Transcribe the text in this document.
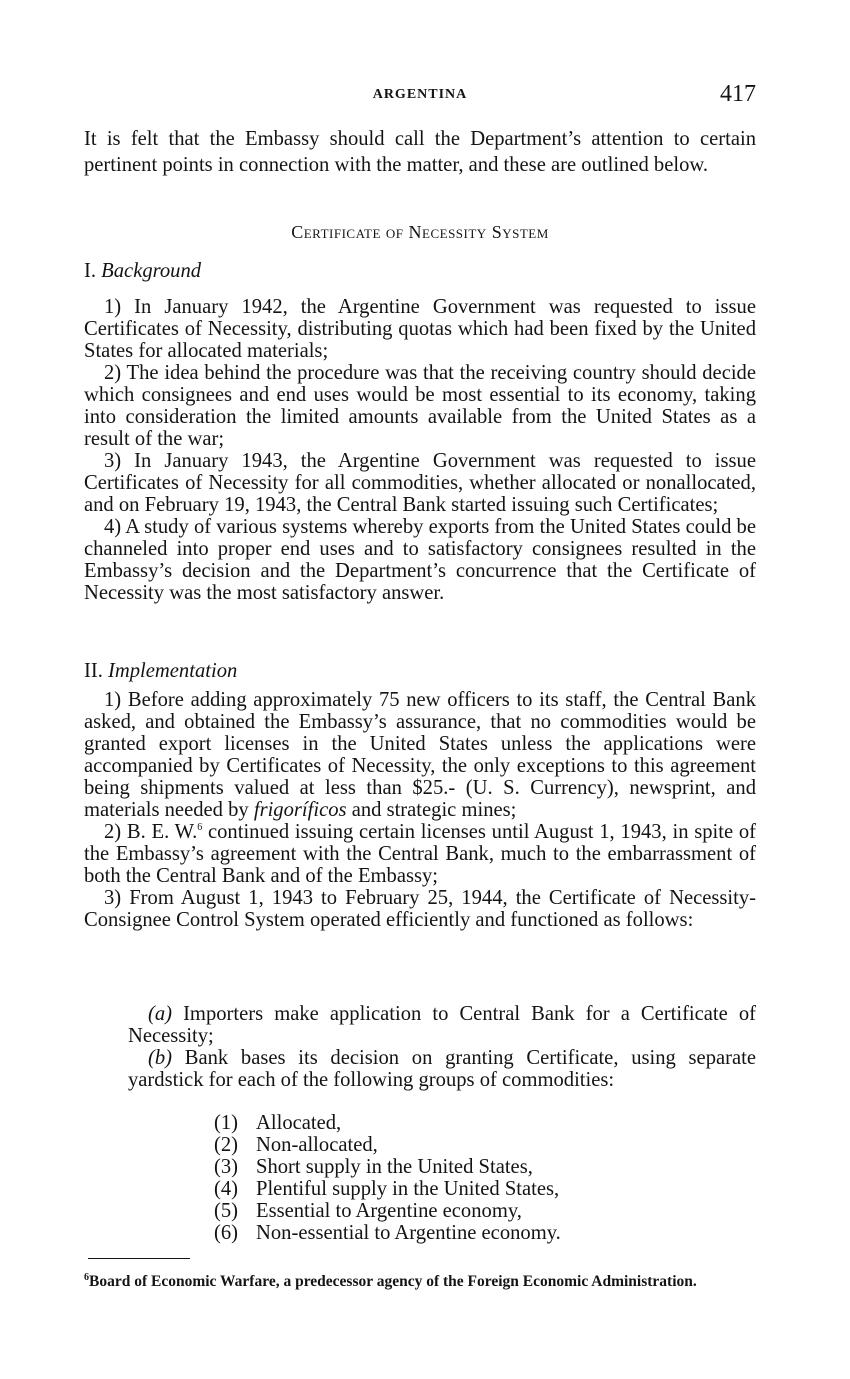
ARGENTINA	417

It is felt that the Embassy should call the Department’s attention to certain pertinent points in connection with the matter, and these are outlined below.

Certificate of Necessity System
I. Background

1) In January 1942, the Argentine Government was requested to issue Certificates of Necessity, distributing quotas which had been fixed by the United States for allocated materials;

2) The idea behind the procedure was that the receiving country should decide which consignees and end uses would be most essential to its economy, taking into consideration the limited amounts available from the United States as a result of the war;

3) In January 1943, the Argentine Government was requested to issue Certificates of Necessity for all commodities, whether allocated or nonallocated, and on February 19, 1943, the Central Bank started issuing such Certificates;

4) A study of various systems whereby exports from the United States could be channeled into proper end uses and to satisfactory consignees resulted in the Embassy’s decision and the Department’s concurrence that the Certificate of Necessity was the most satisfactory answer.

II. Implementation

1) Before adding approximately 75 new officers to its staff, the Central Bank asked, and obtained the Embassy’s assurance, that no commodities would be granted export licenses in the United States unless the applications were accompanied by Certificates of Necessity, the only exceptions to this agreement being shipments valued at less than $25.- (U. S. Currency), newsprint, and materials needed by frigoríficos and strategic mines;

2) B. E. W.$^6$ continued issuing certain licenses until August 1, 1943, in spite of the Embassy’s agreement with the Central Bank, much to the embarrassment of both the Central Bank and of the Embassy;

3) From August 1, 1943 to February 25, 1944, the Certificate of Necessity-Consignee Control System operated efficiently and functioned as follows:

(a) Importers make application to Central Bank for a Certificate of Necessity;

(b) Bank bases its decision on granting Certificate, using separate yardstick for each of the following groups of commodities:

(1) Allocated,
(2) Non-allocated,
(3) Short supply in the United States,
(4) Plentiful supply in the United States,
(5) Essential to Argentine economy,
(6) Non-essential to Argentine economy.

$^6$Board of Economic Warfare, a predecessor agency of the Foreign Economic Administration.
